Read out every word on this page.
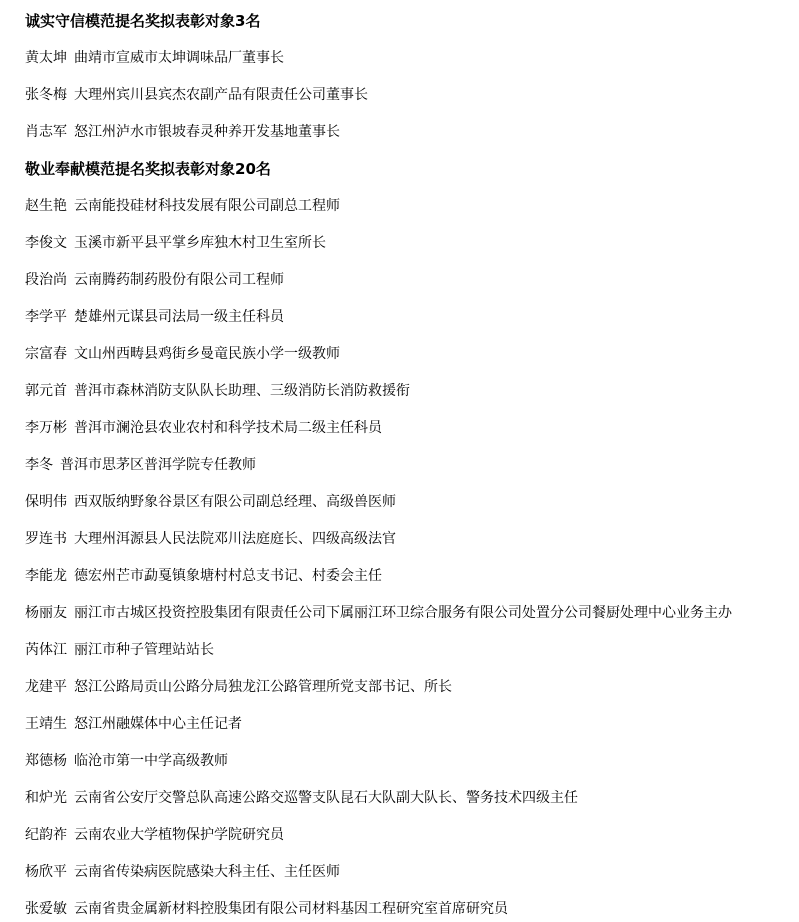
诚实守信模范提名奖拟表彰对象3名
黄太坤 曲靖市宣威市太坤调味品厂董事长
张冬梅 大理州宾川县宾杰农副产品有限责任公司董事长
肖志军 怒江州泸水市银坡春灵种养开发基地董事长
敬业奉献模范提名奖拟表彰对象20名
赵生艳 云南能投硅材科技发展有限公司副总工程师
李俊文 玉溪市新平县平掌乡库独木村卫生室所长
段治尚 云南腾药制药股份有限公司工程师
李学平 楚雄州元谋县司法局一级主任科员
宗富春 文山州西畴县鸡街乡曼竜民族小学一级教师
郭元首 普洱市森林消防支队队长助理、三级消防长消防救援衔
李万彬 普洱市澜沧县农业农村和科学技术局二级主任科员
李冬 普洱市思茅区普洱学院专任教师
保明伟 西双版纳野象谷景区有限公司副总经理、高级兽医师
罗连书 大理州洱源县人民法院邓川法庭庭长、四级高级法官
李能龙 德宏州芒市勐戛镇象塘村村总支书记、村委会主任
杨丽友 丽江市古城区投资控股集团有限责任公司下属丽江环卫综合服务有限公司处置分公司餐厨处理中心业务主办
芮体江 丽江市种子管理站站长
龙建平 怒江公路局贡山公路分局独龙江公路管理所党支部书记、所长
王靖生 怒江州融媒体中心主任记者
郑德杨 临沧市第一中学高级教师
和炉光 云南省公安厅交警总队高速公路交巡警支队昆石大队副大队长、警务技术四级主任
纪韵祚 云南农业大学植物保护学院研究员
杨欣平 云南省传染病医院感染大科主任、主任医师
张爱敏 云南省贵金属新材料控股集团有限公司材料基因工程研究室首席研究员
